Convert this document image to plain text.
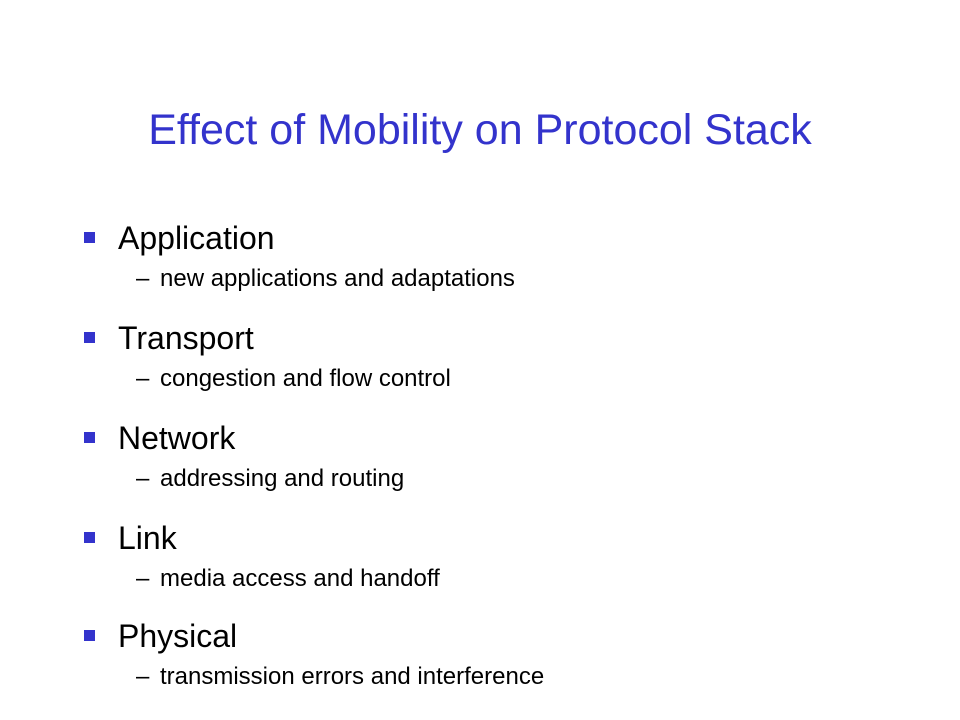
Effect of Mobility on Protocol Stack
Application
– new applications and adaptations
Transport
– congestion and flow control
Network
– addressing and routing
Link
– media access and handoff
Physical
– transmission errors and interference
